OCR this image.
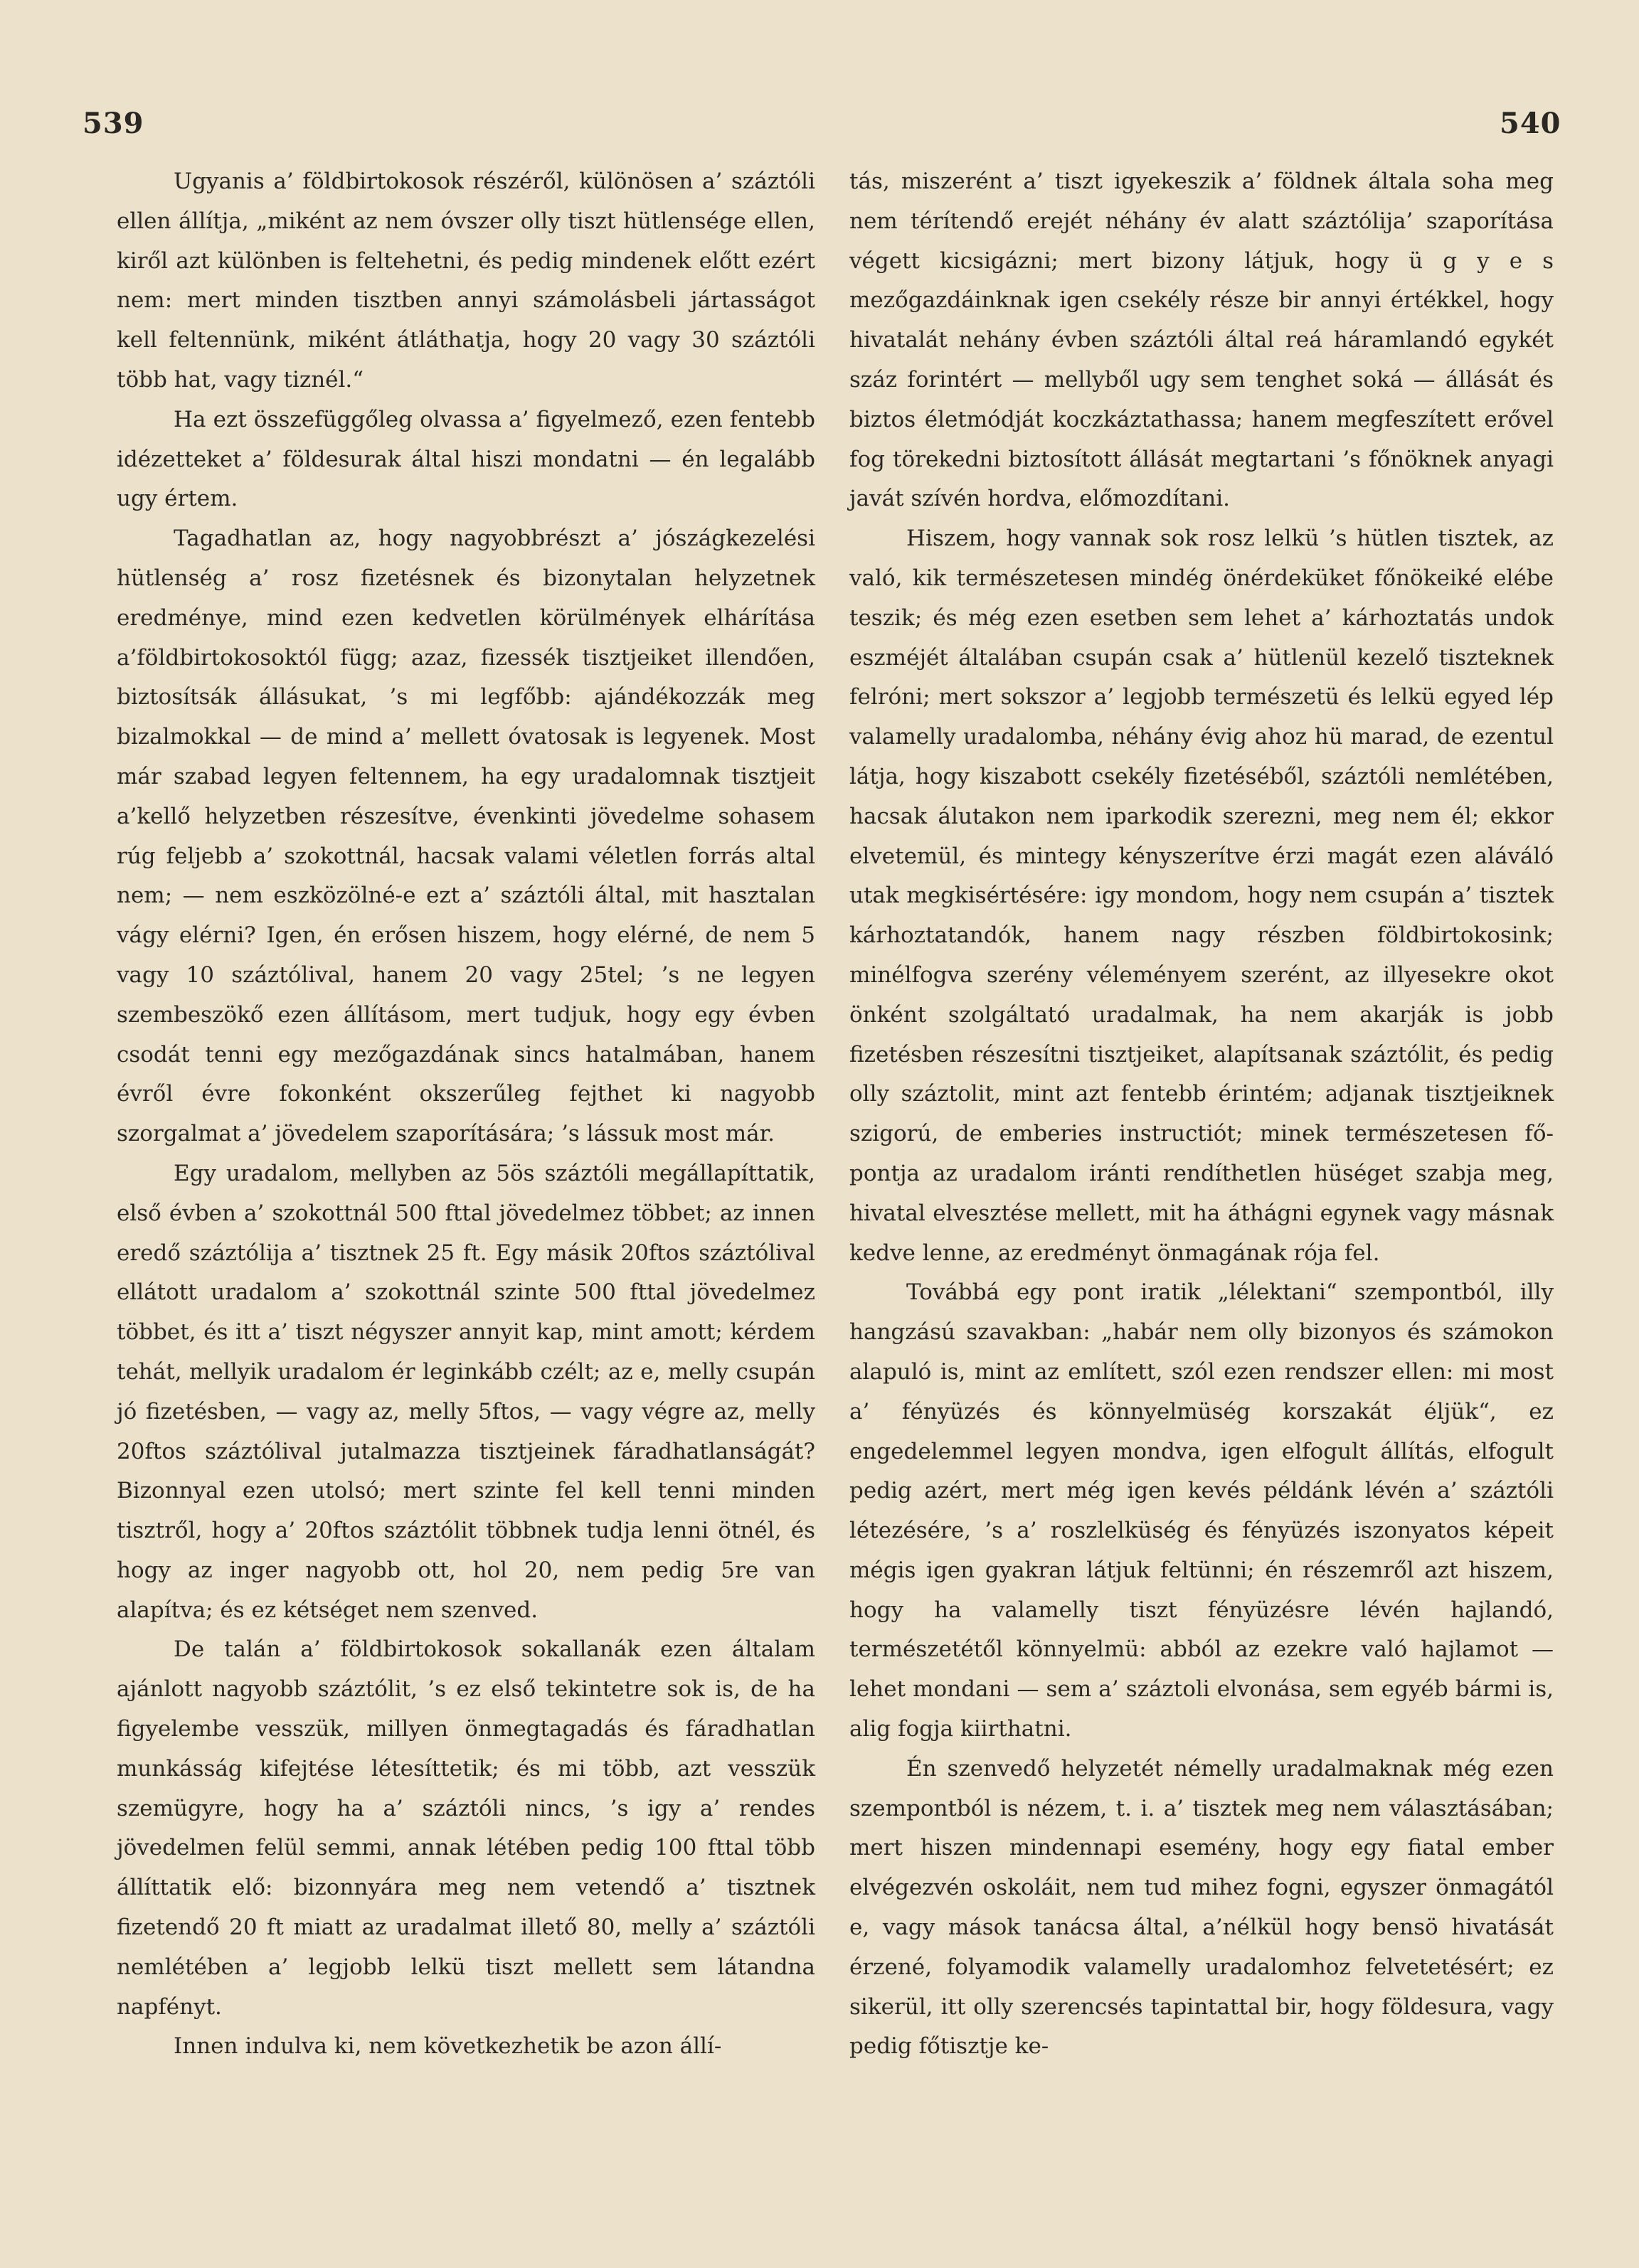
539	540

Ugyanis a’ földbirtokosok részéről, különösen a’ száztóli ellen állítja, „miként az nem óvszer olly tiszt hütlensége ellen, kiről azt különben is feltehetni, és pedig mindenek előtt ezért nem: mert minden tisztben annyi számolásbeli jártasságot kell feltennünk, miként átláthatja, hogy 20 vagy 30 száztóli több hat, vagy tiznél.“

Ha ezt összefüggőleg olvassa a’ figyelmező, ezen fentebb idézetteket a’ földesurak által hiszi mondatni — én legalább ugy értem.

Tagadhatlan az, hogy nagyobbrészt a’ jószágkezelési hütlenség a’ rosz fizetésnek és bizonytalan helyzetnek eredménye, mind ezen kedvetlen körülmények elhárítása a’földbirtokosoktól függ; azaz, fizessék tisztjeiket illendően, biztosítsák állásukat, ’s mi legfőbb: ajándékozzák meg bizalmokkal — de mind a’ mellett óvatosak is legyenek. Most már szabad legyen feltennem, ha egy uradalomnak tisztjeit a’kellő helyzetben részesítve, évenkinti jövedelme sohasem rúg feljebb a’ szokottnál, hacsak valami véletlen forrás altal nem; — nem eszközölné-e ezt a’ száztóli által, mit hasztalan vágy elérni? Igen, én erősen hiszem, hogy elérné, de nem 5 vagy 10 száztólival, hanem 20 vagy 25tel; ’s ne legyen szembeszökő ezen állításom, mert tudjuk, hogy egy évben csodát tenni egy mezőgazdának sincs hatalmában, hanem évről évre fokonként okszerűleg fejthet ki nagyobb szorgalmat a’ jövedelem szaporítására; ’s lássuk most már.

Egy uradalom, mellyben az 5ös száztóli megállapíttatik, első évben a’ szokottnál 500 fttal jövedelmez többet; az innen eredő száztólija a’ tisztnek 25 ft. Egy másik 20ftos száztólival ellátott uradalom a’ szokottnál szinte 500 fttal jövedelmez többet, és itt a’ tiszt négyszer annyit kap, mint amott; kérdem tehát, mellyik uradalom ér leginkább czélt; az e, melly csupán jó fizetésben, — vagy az, melly 5ftos, — vagy végre az, melly 20ftos száztólival jutalmazza tisztjeinek fáradhatlanságát? Bizonnyal ezen utolsó; mert szinte fel kell tenni minden tisztről, hogy a’ 20ftos száztólit többnek tudja lenni ötnél, és hogy az inger nagyobb ott, hol 20, nem pedig 5re van alapítva; és ez kétséget nem szenved.

De talán a’ földbirtokosok sokallanák ezen általam ajánlott nagyobb száztólit, ’s ez első tekintetre sok is, de ha figyelembe vesszük, millyen önmegtagadás és fáradhatlan munkásság kifejtése létesíttetik; és mi több, azt vesszük szemügyre, hogy ha a’ száztóli nincs, ’s igy a’ rendes jövedelmen felül semmi, annak létében pedig 100 fttal több állíttatik elő: bizonnyára meg nem vetendő a’ tisztnek fizetendő 20 ft miatt az uradalmat illető 80, melly a’ száztóli nemlétében a’ legjobb lelkü tiszt mellett sem látandna napfényt.

Innen indulva ki, nem következhetik be azon állí-

tás, miszerént a’ tiszt igyekeszik a’ földnek általa soha meg nem térítendő erejét néhány év alatt száztólija’ szaporítása végett kicsigázni; mert bizony látjuk, hogy ü g y e s mezőgazdáinknak igen csekély része bir annyi értékkel, hogy hivatalát nehány évben száztóli által reá háramlandó egykét száz forintért — mellyből ugy sem tenghet soká — állását és biztos életmódját koczkáztathassa; hanem megfeszített erővel fog törekedni biztosított állását megtartani ’s főnöknek anyagi javát szívén hordva, előmozdítani.

Hiszem, hogy vannak sok rosz lelkü ’s hütlen tisztek, az való, kik természetesen mindég önérdeküket főnökeiké elébe teszik; és még ezen esetben sem lehet a’ kárhoztatás undok eszméjét általában csupán csak a’ hütlenül kezelő tiszteknek felróni; mert sokszor a’ legjobb természetü és lelkü egyed lép valamelly uradalomba, néhány évig ahoz hü marad, de ezentul látja, hogy kiszabott csekély fizetéséből, száztóli nemlétében, hacsak álutakon nem iparkodik szerezni, meg nem él; ekkor elvetemül, és mintegy kényszerítve érzi magát ezen aláváló utak megkisértésére: igy mondom, hogy nem csupán a’ tisztek kárhoztatandók, hanem nagy részben földbirtokosink; minélfogva szerény véleményem szerént, az illyesekre okot önként szolgáltató uradalmak, ha nem akarják is jobb fizetésben részesítni tisztjeiket, alapítsanak száztólit, és pedig olly száztolit, mint azt fentebb érintém; adjanak tisztjeiknek szigorú, de emberies instructiót; minek természetesen fő-pontja az uradalom iránti rendíthetlen hüséget szabja meg, hivatal elvesztése mellett, mit ha áthágni egynek vagy másnak kedve lenne, az eredményt önmagának rója fel.

Továbbá egy pont iratik „lélektani“ szempontból, illy hangzású szavakban: „habár nem olly bizonyos és számokon alapuló is, mint az említett, szól ezen rendszer ellen: mi most a’ fényüzés és könnyelmüség korszakát éljük“, ez engedelemmel legyen mondva, igen elfogult állítás, elfogult pedig azért, mert még igen kevés példánk lévén a’ száztóli létezésére, ’s a’ roszlelküség és fényüzés iszonyatos képeit mégis igen gyakran látjuk feltünni; én részemről azt hiszem, hogy ha valamelly tiszt fényüzésre lévén hajlandó, természetétől könnyelmü: abból az ezekre való hajlamot — lehet mondani — sem a’ száztoli elvonása, sem egyéb bármi is, alig fogja kiirthatni.

Én szenvedő helyzetét némelly uradalmaknak még ezen szempontból is nézem, t. i. a’ tisztek meg nem választásában; mert hiszen mindennapi esemény, hogy egy fiatal ember elvégezvén oskoláit, nem tud mihez fogni, egyszer önmagától e, vagy mások tanácsa által, a’nélkül hogy bensö hivatását érzené, folyamodik valamelly uradalomhoz felvetetésért; ez sikerül, itt olly szerencsés tapintattal bir, hogy földesura, vagy pedig főtisztje ke-
